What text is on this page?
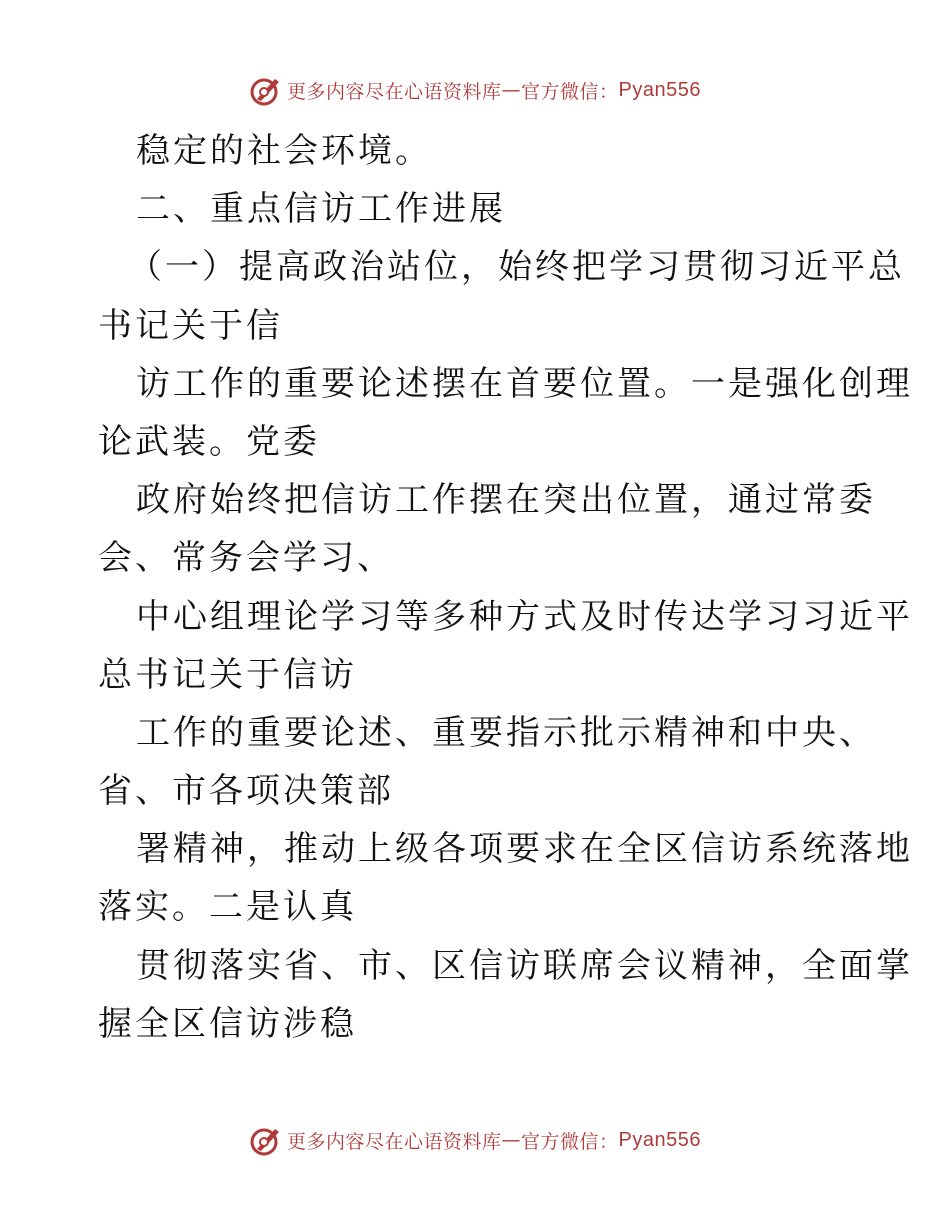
更多内容尽在心语资料库 — 官方微信： Pyan556
稳定的社会环境。
二、重点信访工作进展
（一）提高政治站位，始终把学习贯彻习近平总
书记关于信
访工作的重要论述摆在首要位置。一是强化创理
论武装。党委
政府始终把信访工作摆在突出位置，通过常委
会、常务会学习、
中心组理论学习等多种方式及时传达学习习近平
总书记关于信访
工作的重要论述、重要指示批示精神和中央、
省、市各项决策部
署精神，推动上级各项要求在全区信访系统落地
落实。二是认真
贯彻落实省、市、区信访联席会议精神，全面掌
握全区信访涉稳
更多内容尽在心语资料库 — 官方微信： Pyan556
